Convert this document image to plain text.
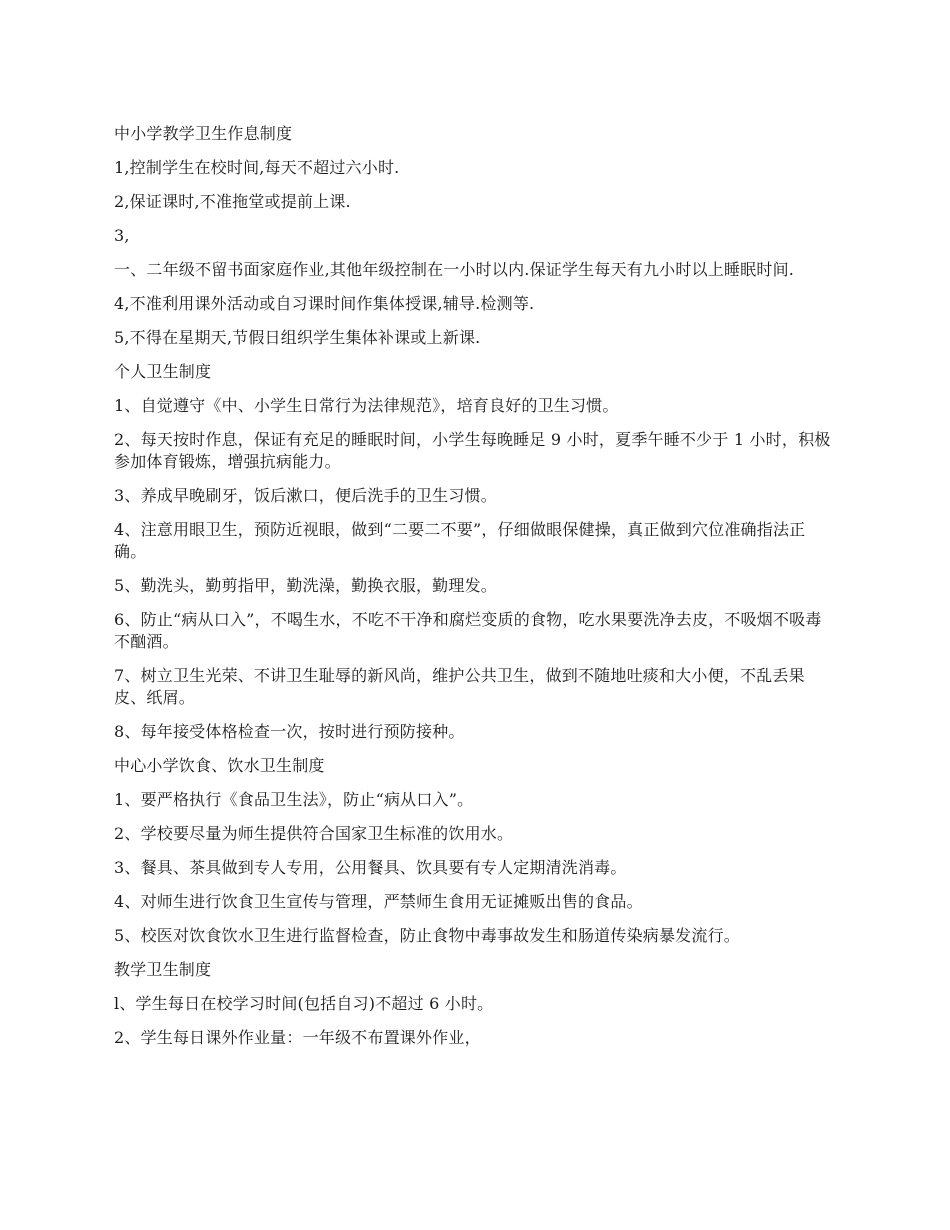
中小学教学卫生作息制度

1,控制学生在校时间,每天不超过六小时.

2,保证课时,不准拖堂或提前上课.

3,

一、二年级不留书面家庭作业,其他年级控制在一小时以内.保证学生每天有九小时以上睡眠时间.

4,不准利用课外活动或自习课时间作集体授课,辅导.检测等.

5,不得在星期天,节假日组织学生集体补课或上新课.

个人卫生制度

1、自觉遵守《中、小学生日常行为法律规范》，培育良好的卫生习惯。

2、每天按时作息，保证有充足的睡眠时间，小学生每晚睡足 9 小时，夏季午睡不少于 1 小时，积极参加体育锻炼，增强抗病能力。

3、养成早晚刷牙，饭后漱口，便后洗手的卫生习惯。

4、注意用眼卫生，预防近视眼，做到“二要二不要”，仔细做眼保健操，真正做到穴位准确指法正确。

5、勤洗头，勤剪指甲，勤洗澡，勤换衣服，勤理发。

6、防止“病从口入”，不喝生水，不吃不干净和腐烂变质的食物，吃水果要洗净去皮，不吸烟不吸毒不酗酒。

7、树立卫生光荣、不讲卫生耻辱的新风尚，维护公共卫生，做到不随地吐痰和大小便，不乱丢果皮、纸屑。

8、每年接受体格检查一次，按时进行预防接种。

中心小学饮食、饮水卫生制度

1、要严格执行《食品卫生法》，防止“病从口入”。

2、学校要尽量为师生提供符合国家卫生标准的饮用水。

3、餐具、茶具做到专人专用，公用餐具、饮具要有专人定期清洗消毒。

4、对师生进行饮食卫生宣传与管理，严禁师生食用无证摊贩出售的食品。

5、校医对饮食饮水卫生进行监督检查，防止食物中毒事故发生和肠道传染病暴发流行。

教学卫生制度

l、学生每日在校学习时间(包括自习)不超过 6 小时。

2、学生每日课外作业量：一年级不布置课外作业，
